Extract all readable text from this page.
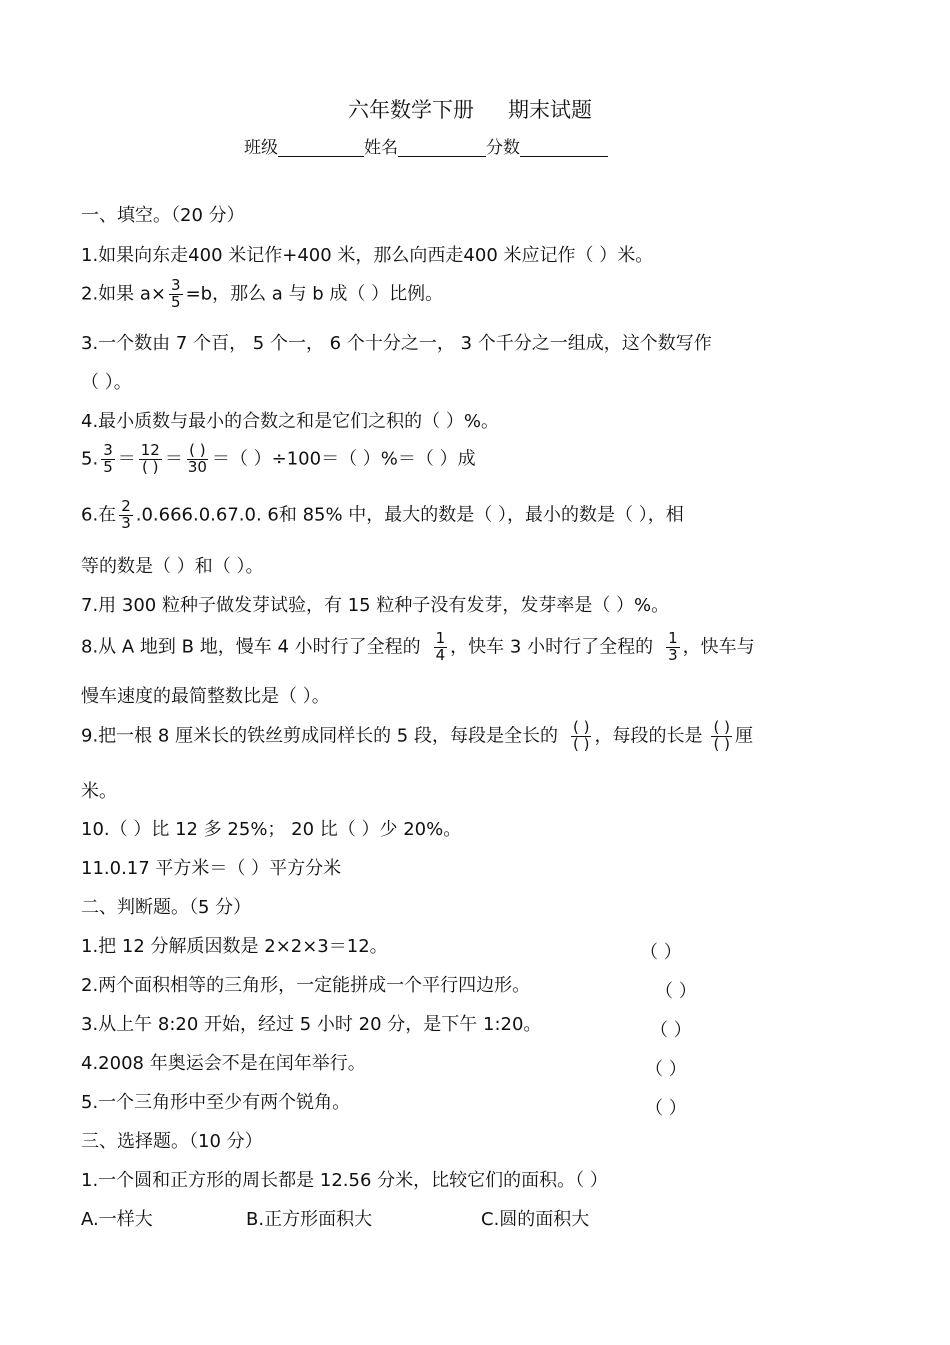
六年数学下册 期末试题
班级	姓名	分数
一、填空。（20 分）
1.如果向东走400 米记作+400 米，那么向西走400 米应记作（ ）米。
2.如果 $a\times \frac{3}{5} =b$，那么 a 与 b 成（ ）比例。
3.一个数由 7 个百， 5 个一， 6 个十分之一， 3 个千分之一组成，这个数写作
（ ）。
4.最小质数与最小的合数之和是它们之积的（ ）%。
5. $\frac{3}{5} = \frac{12}{( )} = \frac{( )}{30}$ ＝（ ）÷100＝（ ）%＝（ ）成
6.在 $\frac{2}{3} .0.666.0.67.0$. 6和 85% 中，最大的数是（ ），最小的数是（ ），相
等的数是（ ）和（ ）。
7.用 300 粒种子做发芽试验，有 15 粒种子没有发芽，发芽率是（ ）%。
8.从 A 地到 B 地，慢车 4 小时行了全程的 $\frac{1}{4}$ ，快车 3 小时行了全程的 $\frac{1}{3}$ ，快车与
慢车速度的最简整数比是（ ）。
9.把一根 8 厘米长的铁丝剪成同样长的 5 段，每段是全长的 $\frac{( )}{( )}$ ，每段的长是 $\frac{( )}{( )}$ 厘
米。
10.（ ）比 12 多 25%； 20 比（ ）少 20%。
11.0.17 平方米＝（ ）平方分米
二、判断题。（5 分）
1.把 12 分解质因数是 2×2×3＝12。	（ ）
2.两个面积相等的三角形，一定能拼成一个平行四边形。	（ ）
3.从上午 8:20 开始，经过 5 小时 20 分，是下午 1:20。	（ ）
4.2008 年奥运会不是在闰年举行。	（ ）
5.一个三角形中至少有两个锐角。	（ ）
三、选择题。（10 分）
1.一个圆和正方形的周长都是 12.56 分米，比较它们的面积。（ ）
A.一样大	B.正方形面积大	C.圆的面积大
